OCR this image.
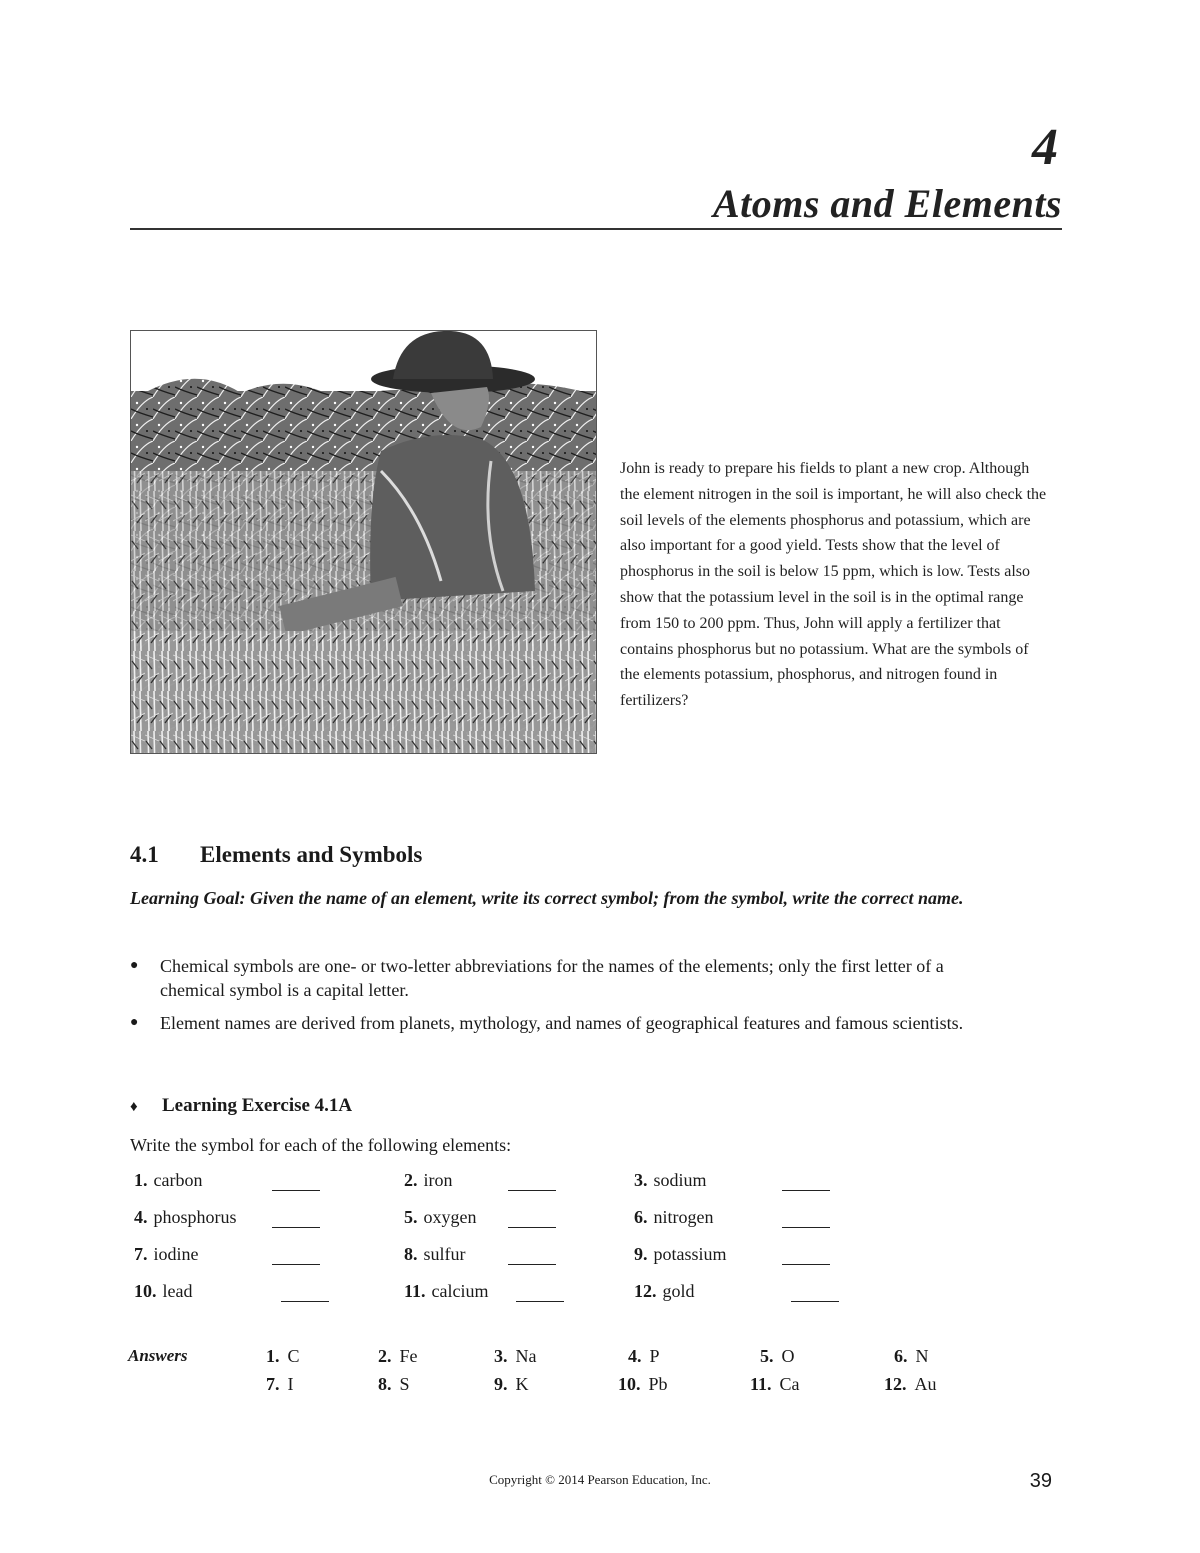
4
Atoms and Elements
John is ready to prepare his fields to plant a new crop. Although the element nitrogen in the soil is important, he will also check the soil levels of the elements phosphorus and potassium, which are also important for a good yield. Tests show that the level of phosphorus in the soil is below 15 ppm, which is low. Tests also show that the potassium level in the soil is in the optimal range from 150 to 200 ppm. Thus, John will apply a fertilizer that contains phosphorus but no potassium. What are the symbols of the elements potassium, phosphorus, and nitrogen found in fertilizers?
4.1 Elements and Symbols
Learning Goal: Given the name of an element, write its correct symbol; from the symbol, write the correct name.
● Chemical symbols are one- or two-letter abbreviations for the names of the elements; only the first letter of a chemical symbol is a capital letter.
● Element names are derived from planets, mythology, and names of geographical features and famous scientists.
♦ Learning Exercise 4.1A
Write the symbol for each of the following elements:
1. carbon	2. iron	3. sodium
4. phosphorus	5. oxygen	6. nitrogen
7. iodine	8. sulfur	9. potassium
10. lead	11. calcium	12. gold
Answers	1. C	2. Fe	3. Na	4. P	5. O	6. N
7. I	8. S	9. K	10. Pb	11. Ca	12. Au
Copyright © 2014 Pearson Education, Inc.	39
